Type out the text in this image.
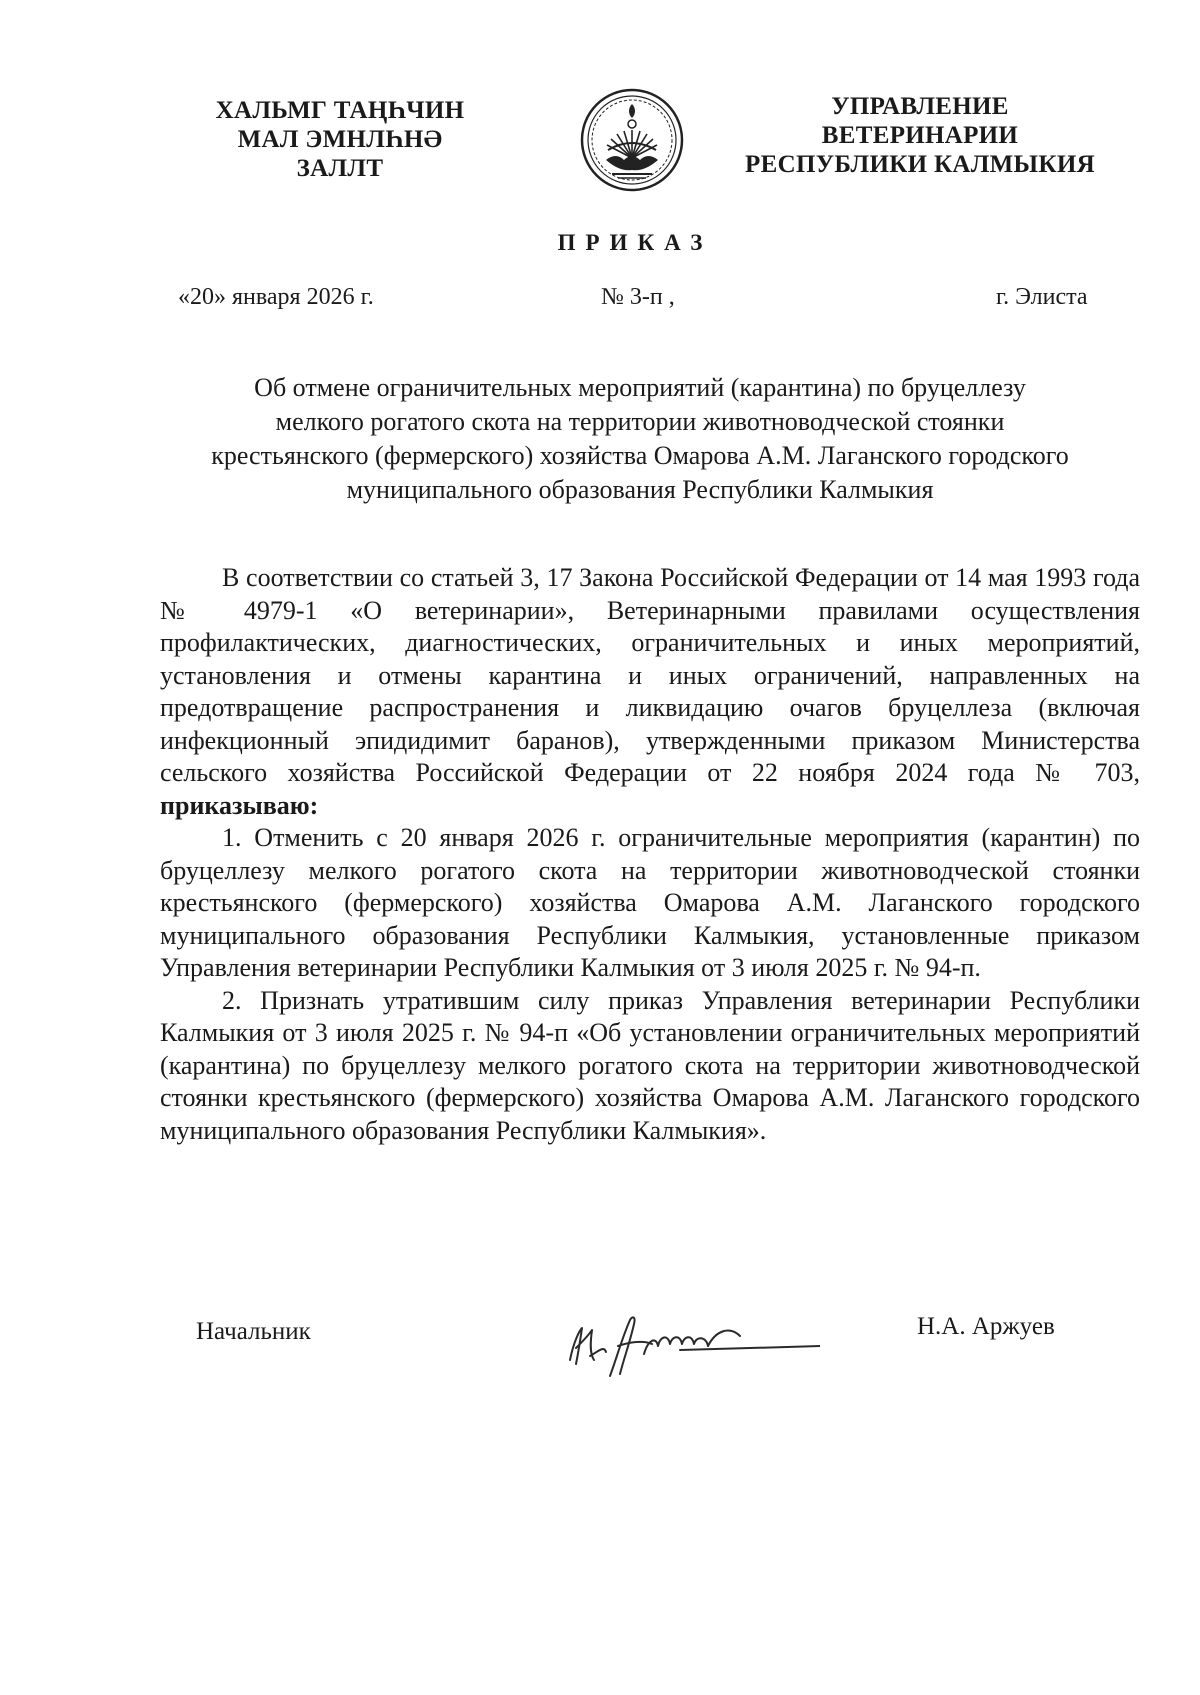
ХАЛЬМГ ТАҢҺЧИН
МАЛ ЭМНЛҺНƏ
ЗАЛЛТ
УПРАВЛЕНИЕ
ВЕТЕРИНАРИИ
РЕСПУБЛИКИ КАЛМЫКИЯ
ПРИКАЗ
«20» января 2026 г.	№ 3-п ,	г. Элиста
Об отмене ограничительных мероприятий (карантина) по бруцеллезу
мелкого рогатого скота на территории животноводческой стоянки
крестьянского (фермерского) хозяйства Омарова А.М. Лаганского городского
муниципального образования Республики Калмыкия

В соответствии со статьей 3, 17 Закона Российской Федерации от 14 мая 1993 года № 4979-1 «О ветеринарии», Ветеринарными правилами осуществления профилактических, диагностических, ограничительных и иных мероприятий, установления и отмены карантина и иных ограничений, направленных на предотвращение распространения и ликвидацию очагов бруцеллеза (включая инфекционный эпидидимит баранов), утвержденными приказом Министерства сельского хозяйства Российской Федерации от 22 ноября 2024 года № 703, приказываю:

1. Отменить с 20 января 2026 г. ограничительные мероприятия (карантин) по бруцеллезу мелкого рогатого скота на территории животноводческой стоянки крестьянского (фермерского) хозяйства Омарова А.М. Лаганского городского муниципального образования Республики Калмыкия, установленные приказом Управления ветеринарии Республики Калмыкия от 3 июля 2025 г. № 94-п.

2. Признать утратившим силу приказ Управления ветеринарии Республики Калмыкия от 3 июля 2025 г. № 94-п «Об установлении ограничительных мероприятий (карантина) по бруцеллезу мелкого рогатого скота на территории животноводческой стоянки крестьянского (фермерского) хозяйства Омарова А.М. Лаганского городского муниципального образования Республики Калмыкия».

Начальник	Н.А. Аржуев
